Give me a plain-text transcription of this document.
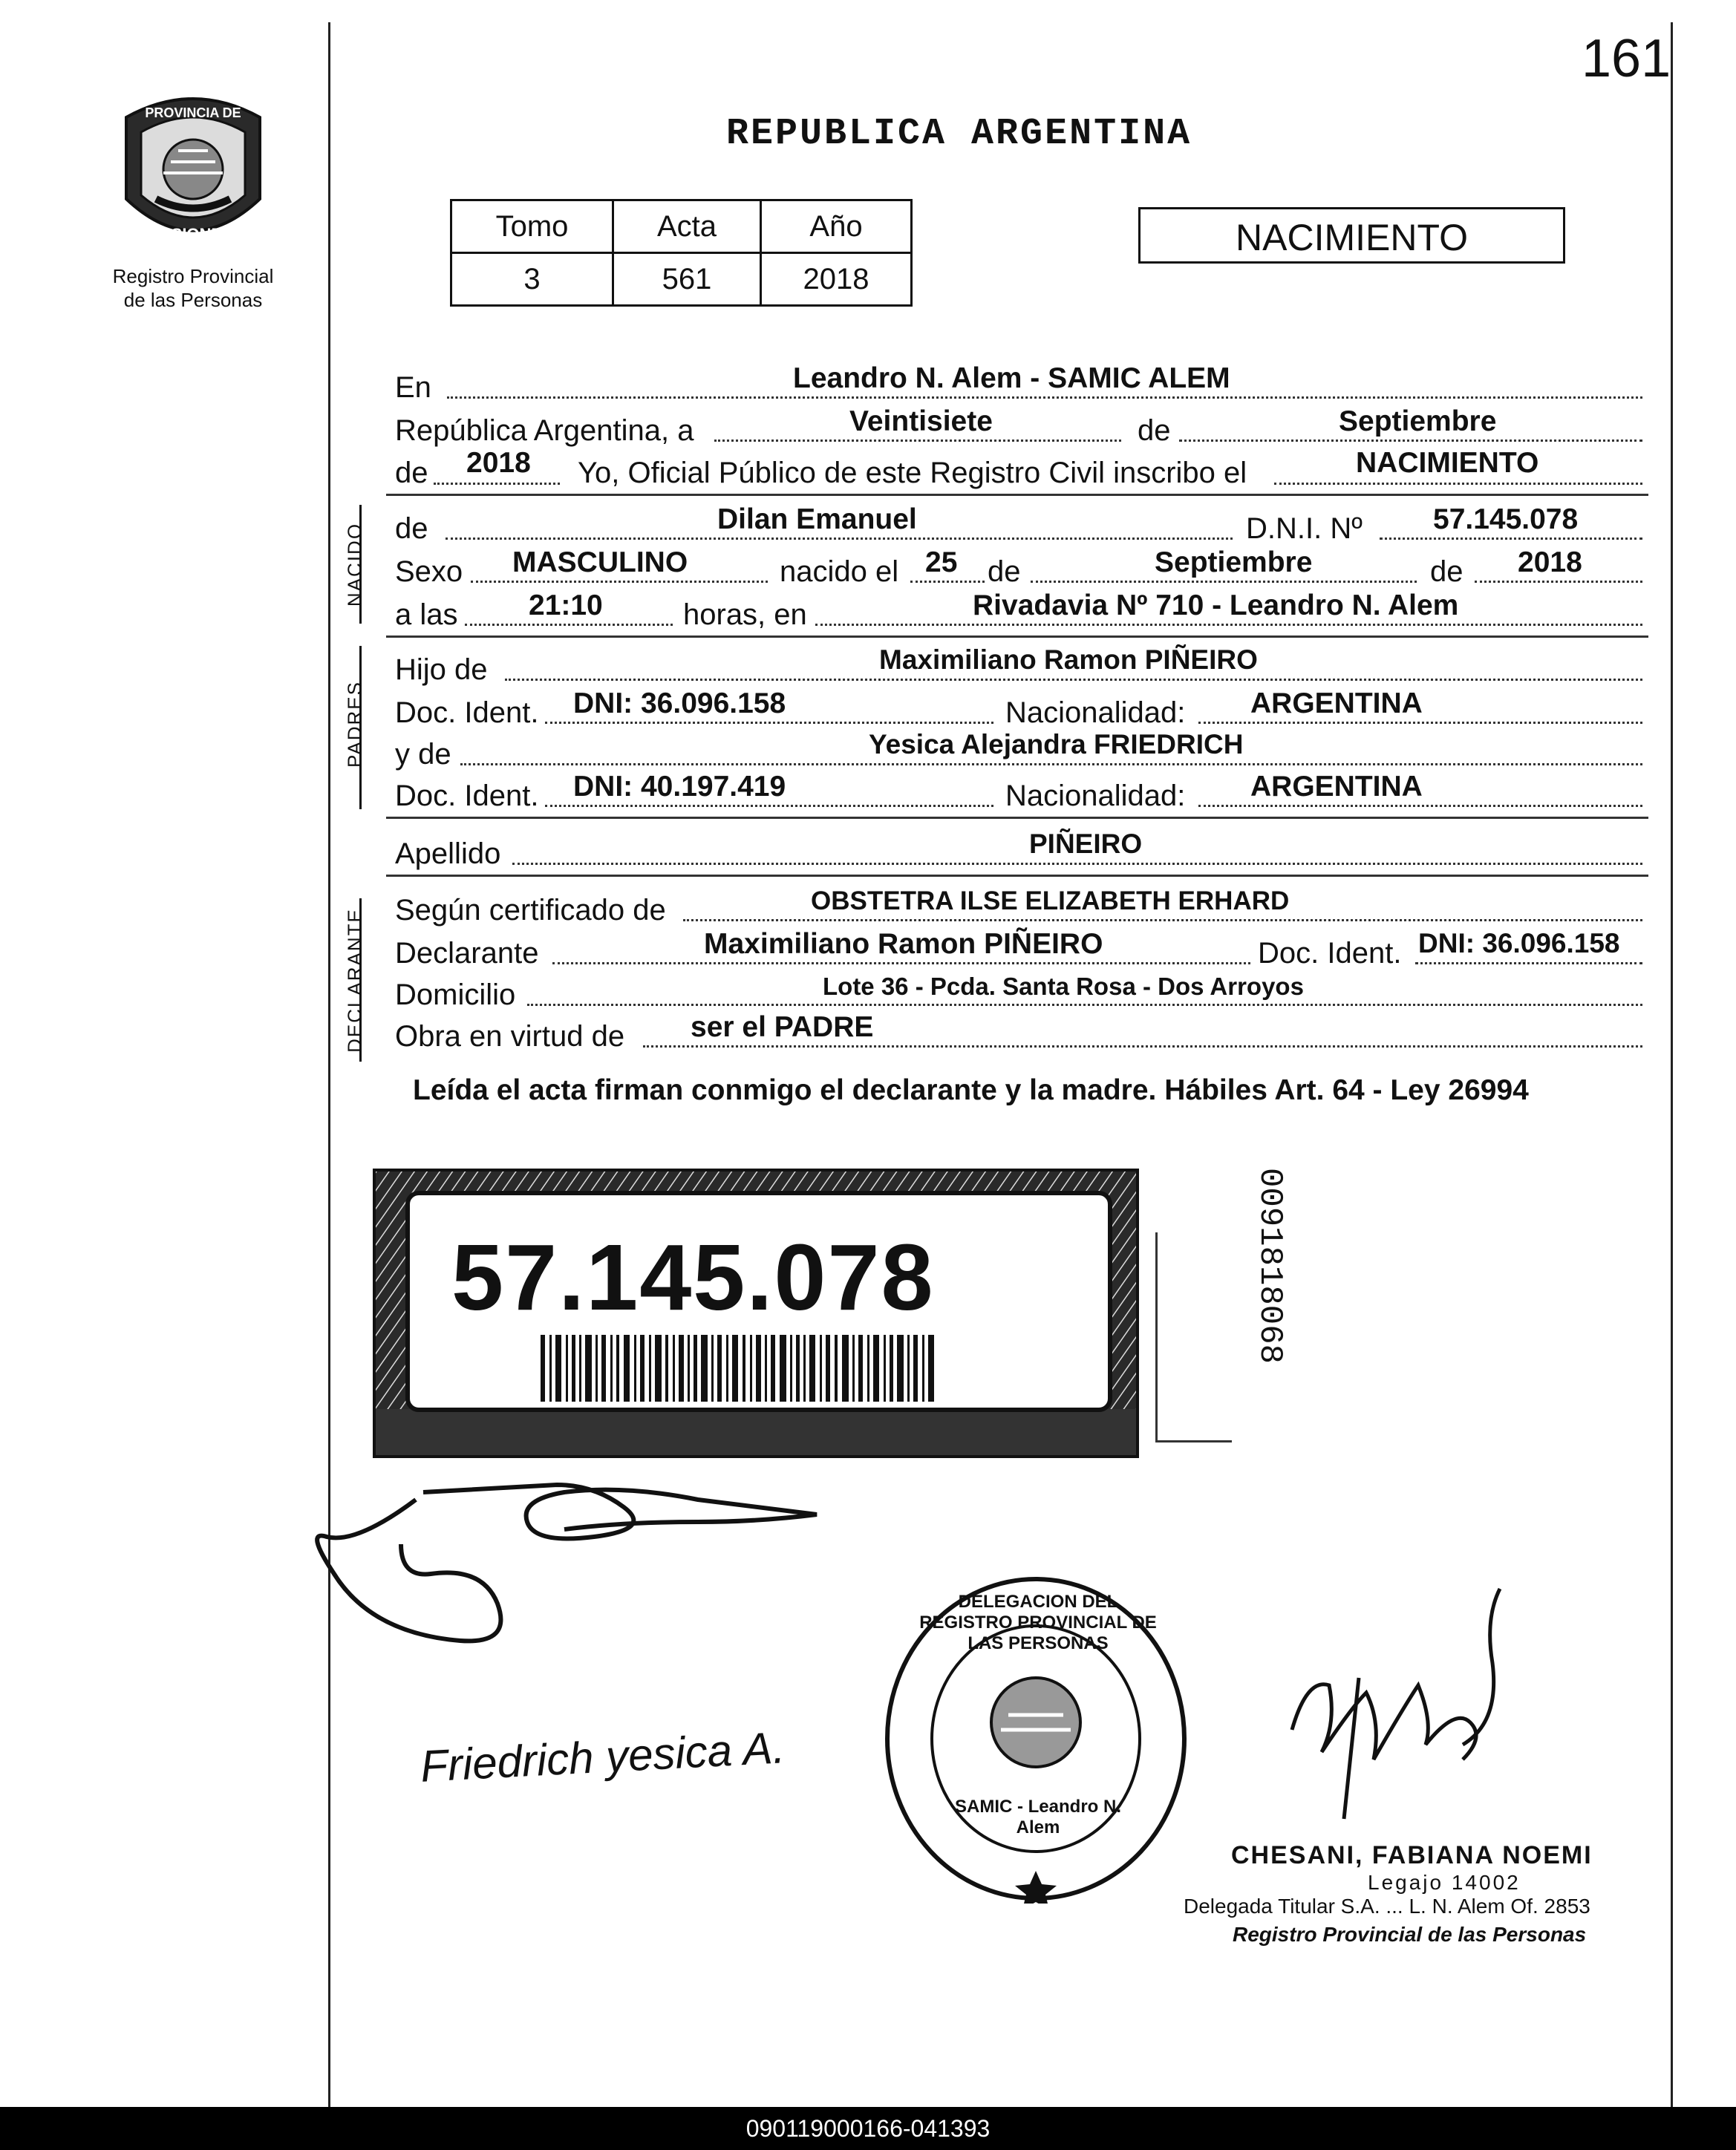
161
PROVINCIA DE
MISIONES
Registro Provincial
de las Personas
REPUBLICA ARGENTINA
Tomo	Acta	Año
3	561	2018
NACIMIENTO
En	Leandro N. Alem - SAMIC ALEM
República Argentina, a	Veintisiete	de	Septiembre
de 2018 Yo, Oficial Público de este Registro Civil inscribo el	NACIMIENTO
NACIDO de	Dilan Emanuel	D.N.I. Nº 57.145.078
Sexo MASCULINO	nacido el 25 de	Septiembre	de 2018
a las 21:10	horas, en	Rivadavia Nº 710 - Leandro N. Alem
PADRES
Hijo de	Maximiliano Ramon PIÑEIRO
Doc. Ident. DNI: 36.096.158	Nacionalidad: ARGENTINA
y de	Yesica Alejandra FRIEDRICH
Doc. Ident. DNI: 40.197.419	Nacionalidad: ARGENTINA
Apellido	PIÑEIRO
DECLARANTE Según certificado de	OBSTETRA ILSE ELIZABETH ERHARD
Declarante	Maximiliano Ramon PIÑEIRO	Doc. Ident. DNI: 36.096.158
Domicilio	Lote 36 - Pcda. Santa Rosa - Dos Arroyos
Obra en virtud de ser el PADRE
Leída el acta firman conmigo el declarante y la madre. Hábiles Art. 64 - Ley 26994
57.145.078	0091818068
Friedrich yesica A.
DELEGACION DEL REGISTRO PROVINCIAL DE LAS PERSONAS
SAMIC - Leandro N. Alem
CHESANI, FABIANA NOEMI
Legajo 14002
Delegada Titular S.A. ... L. N. Alem Of. 2853
Registro Provincial de las Personas
090119000166-041393
